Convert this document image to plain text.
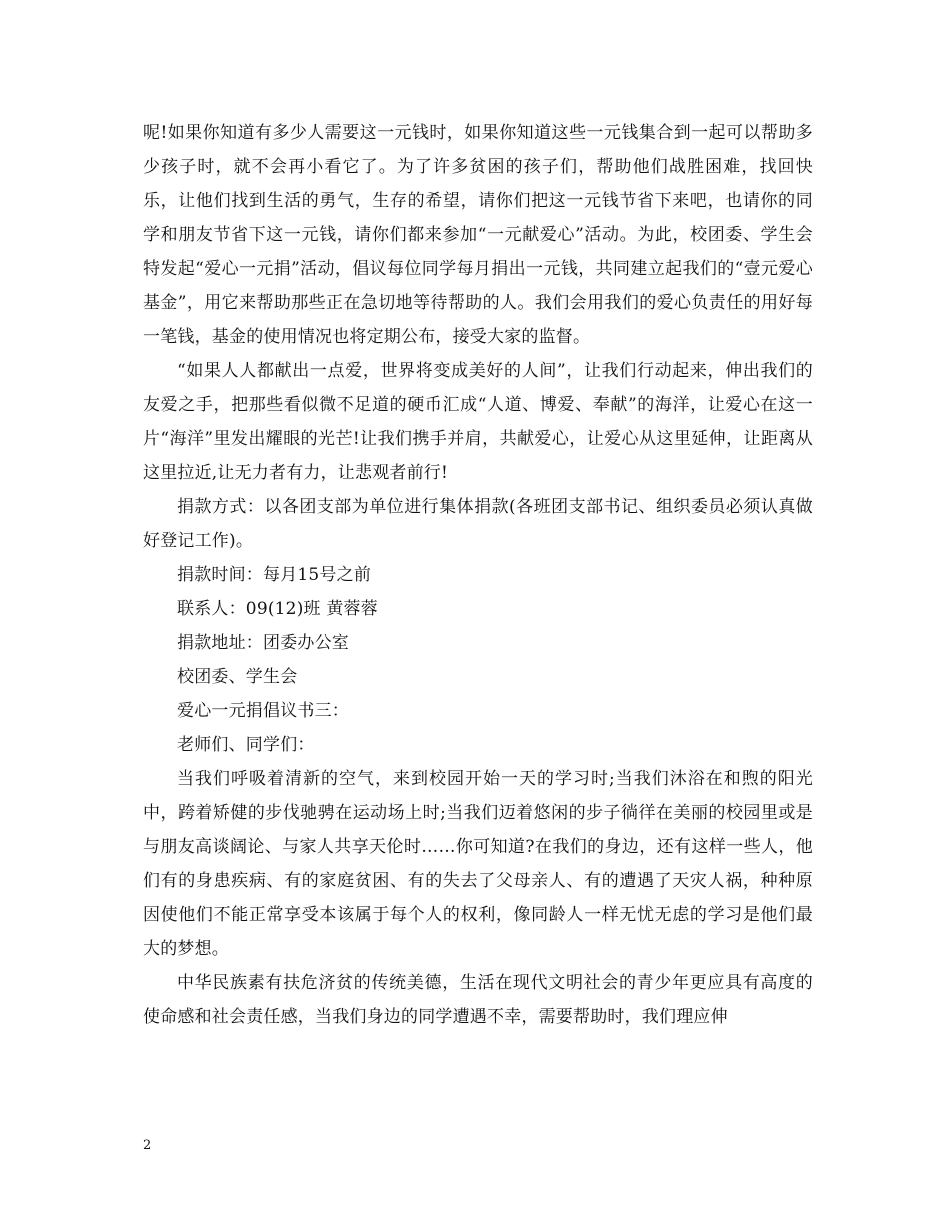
呢!如果你知道有多少人需要这一元钱时，如果你知道这些一元钱集合到一起可以帮助多少孩子时，就不会再小看它了。为了许多贫困的孩子们，帮助他们战胜困难，找回快乐，让他们找到生活的勇气，生存的希望，请你们把这一元钱节省下来吧，也请你的同学和朋友节省下这一元钱，请你们都来参加“一元献爱心”活动。为此，校团委、学生会特发起“爱心一元捐”活动，倡议每位同学每月捐出一元钱，共同建立起我们的“壹元爱心基金”，用它来帮助那些正在急切地等待帮助的人。我们会用我们的爱心负责任的用好每一笔钱，基金的使用情况也将定期公布，接受大家的监督。

“如果人人都献出一点爱，世界将变成美好的人间”，让我们行动起来，伸出我们的友爱之手，把那些看似微不足道的硬币汇成“人道、博爱、奉献”的海洋，让爱心在这一片“海洋”里发出耀眼的光芒!让我们携手并肩，共献爱心，让爱心从这里延伸，让距离从这里拉近,让无力者有力，让悲观者前行!

捐款方式：以各团支部为单位进行集体捐款(各班团支部书记、组织委员必须认真做好登记工作)。

捐款时间：每月15号之前

联系人：09(12)班 黄蓉蓉

捐款地址：团委办公室

校团委、学生会

爱心一元捐倡议书三：

老师们、同学们：

当我们呼吸着清新的空气，来到校园开始一天的学习时;当我们沐浴在和煦的阳光中，跨着矫健的步伐驰骋在运动场上时;当我们迈着悠闲的步子徜徉在美丽的校园里或是与朋友高谈阔论、与家人共享天伦时……你可知道?在我们的身边，还有这样一些人，他们有的身患疾病、有的家庭贫困、有的失去了父母亲人、有的遭遇了天灾人祸，种种原因使他们不能正常享受本该属于每个人的权利，像同龄人一样无忧无虑的学习是他们最大的梦想。

中华民族素有扶危济贫的传统美德，生活在现代文明社会的青少年更应具有高度的使命感和社会责任感，当我们身边的同学遭遇不幸，需要帮助时，我们理应伸

2
